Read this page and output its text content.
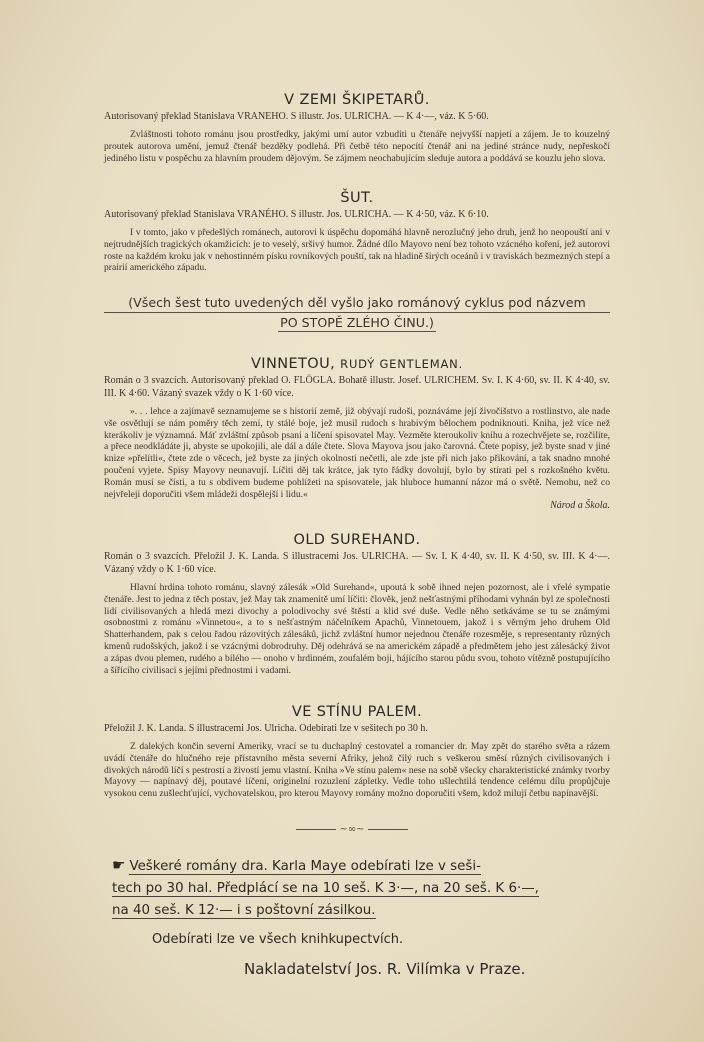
V ZEMI ŠKIPETARŮ.

Autorisovaný překlad Stanislava VRANEHO. S illustr. Jos. ULRICHA. — K 4·—, váz. K 5·60.

Zvláštnosti tohoto románu jsou prostředky, jakými umí autor vzbuditi u čtenáře nejvyšší napjetí a zájem. Je to kouzelný proutek autorova umění, jemuž čtenář bezděky podlehá. Při četbě této nepocítí čtenář ani na jediné stránce nudy, nepřeskočí jediného listu v pospěchu za hlavním proudem dějovým. Se zájmem neochabujícím sleduje autora a poddává se kouzlu jeho slova.

ŠUT.

Autorisovaný překlad Stanislava VRANÉHO. S illustr. Jos. ULRICHA. — K 4·50, váz. K 6·10.

I v tomto, jako v předešlých románech, autorovi k úspěchu dopomáhá hlavně nerozlučný jeho druh, jenž ho neopouští ani v nejtrudnějších tragických okamžicích: je to veselý, sršivý humor. Žádné dílo Mayovo není bez tohoto vzácného koření, jež autorovi roste na každém kroku jak v nehostinném písku rovníkových pouští, tak na hladině širých oceánů i v traviskách bezmezných stepí a prairií amerického západu.

(Všech šest tuto uvedených děl vyšlo jako románový cyklus pod názvem
PO STOPĚ ZLÉHO ČINU.)

VINNETOU, RUDÝ GENTLEMAN.

Román o 3 svazcích. Autorisovaný překlad O. FLÖGLA. Bohatě illustr. Josef. ULRICHEM. Sv. I. K 4·60, sv. II. K 4·40, sv. III. K 4·60. Vázaný svazek vždy o K 1·60 více.

». . . lehce a zajímavě seznamujeme se s historií země, již obývají rudoši, poznáváme její živočišstvo a rostlinstvo, ale nade vše osvětlují se nám poměry těch zemí, ty stálé boje, jež musil rudoch s hrabivým bělochem podniknouti. Kniha, jež více než kterákoliv je významná. Máť zvláštní způsob psaní a líčení spisovatel May. Vezměte kteroukoliv knihu a rozechvějete se, rozčilíte, a přece neodkládáte ji, abyste se upokojili, ale dál a dále čtete. Slova Mayova jsou jako čarovná. Čtete popisy, jež byste snad v jiné knize »přelítli«, čtete zde o věcech, jež byste za jiných okolností nečetli, ale zde jste při nich jako přikování, a tak snadno mnohé poučení vyjete. Spisy Mayovy neunavují. Líčiti děj tak krátce, jak tyto řádky dovolují, bylo by stírati pel s rozkošného květu. Román musí se čísti, a tu s obdivem budeme pohlížeti na spisovatele, jak hluboce humanní názor má o světě. Nemohu, než co nejvřeleji doporučiti všem mládeži dospělejší i lidu.«

Národ a Škola.

OLD SUREHAND.

Román o 3 svazcích. Přeložil J. K. Landa. S illustracemi Jos. ULRICHA. — Sv. I. K 4·40, sv. II. K 4·50, sv. III. K 4·—. Vázaný vždy o K 1·60 více.

Hlavní hrdina tohoto románu, slavný zálesák »Old Surehand«, upoutá k sobě ihned nejen pozornost, ale i vřelé sympatie čtenáře. Jest to jedna z těch postav, jež May tak znamenitě umí líčiti: člověk, jenž nešťastnými příhodami vyhnán byl ze společnosti lidí civilisovaných a hledá mezi divochy a polodivochy své štěstí a klid své duše. Vedle něho setkáváme se tu se známými osobnostmi z románu »Vinnetou«, a to s nešťastným náčelníkem Apachů, Vinnetouem, jakož i s věrným jeho druhem Old Shatterhandem, pak s celou řadou rázovitých zálesáků, jichž zvláštní humor nejednou čtenáře rozesměje, s representanty různých kmenů rudošských, jakož i se vzácnými dobrodruhy. Děj odehrává se na americkém západě a předmětem jeho jest zálesácký život a zápas dvou plemen, rudého a bílého — onoho v hrdinném, zoufalém boji, hájícího starou půdu svou, tohoto vítězně postupujícího a šířícího civilisaci s jejími přednostmi i vadami.

VE STÍNU PALEM.

Přeložil J. K. Landa. S illustracemi Jos. Ulricha. Odebírati lze v sešitech po 30 h.

Z dalekých končin severní Ameriky, vrací se tu duchaplný cestovatel a romancier dr. May zpět do starého světa a rázem uvádí čtenáře do hlučného reje přístavního města severní Afriky, jehož čilý ruch s veškerou směsí různých civilisovaných i divokých národů líčí s pestrostí a živostí jemu vlastní. Kniha »Ve stínu palem« nese na sobě všecky charakteristické známky tvorby Mayovy — napínavý děj, poutavé líčení, originelní rozuzlení zápletky. Vedle toho ušlechtilá tendence celému dílu propůjčuje vysokou cenu zušlechťující, vychovatelskou, pro kterou Mayovy romány možno doporučiti všem, kdož milují četbu napínavější.

~∞~

☛ Veškeré romány dra. Karla Maye odebírati lze v seši-
tech po 30 hal. Předplácí se na 10 seš. K 3·—, na 20 seš. K 6·—,
na 40 seš. K 12·— i s poštovní zásilkou.

Odebírati lze ve všech knihkupectvích.

Nakladatelství Jos. R. Vilímka v Praze.
